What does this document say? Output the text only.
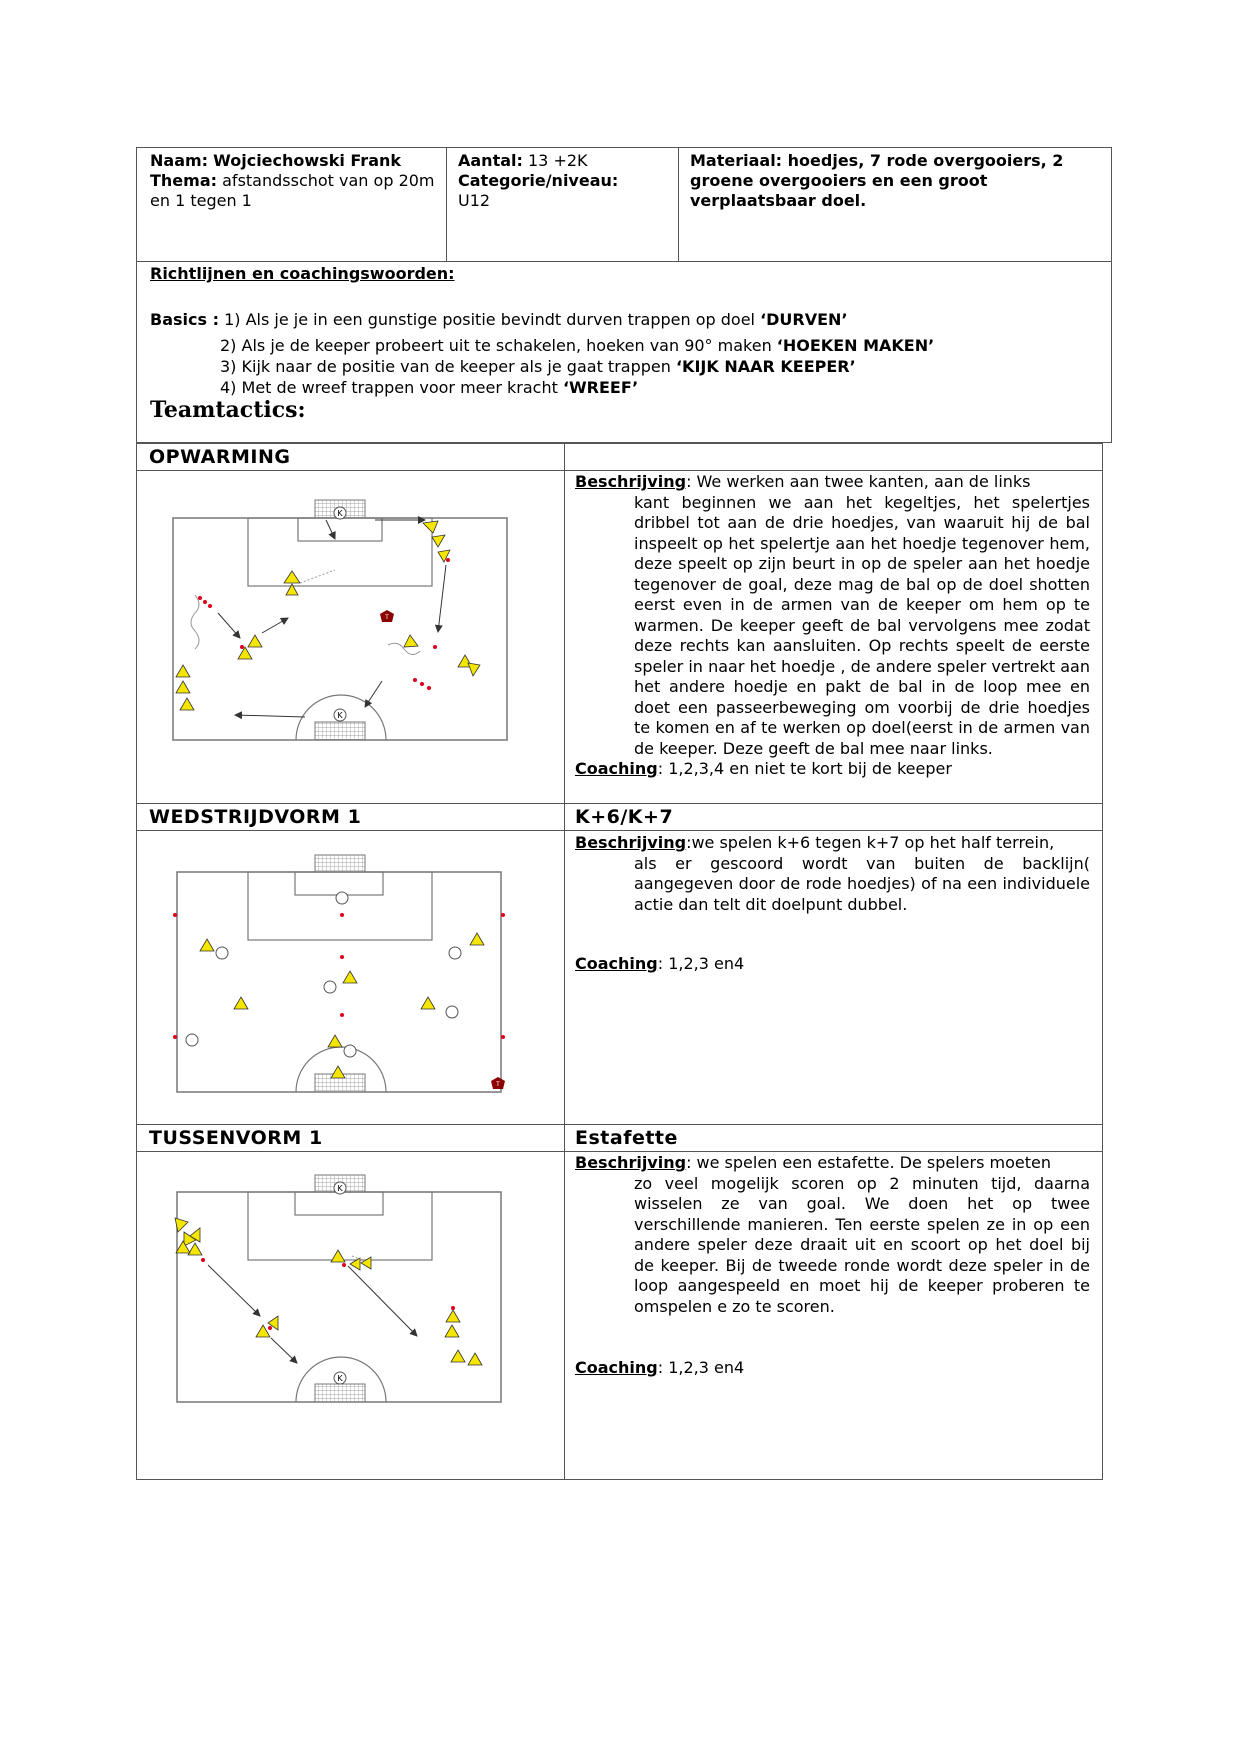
Naam: Wojciechowski Frank
Thema: afstandsschot van op 20m en 1 tegen 1
Aantal: 13 +2K
Categorie/niveau:
U12
Materiaal: hoedjes, 7 rode overgooiers, 2 groene overgooiers en een groot verplaatsbaar doel.
Richtlijnen en coachingswoorden:
Basics : 1) Als je je in een gunstige positie bevindt durven trappen op doel ‘DURVEN’
2) Als je de keeper probeert uit te schakelen, hoeken van 90° maken ‘HOEKEN MAKEN’
3) Kijk naar de positie van de keeper als je gaat trappen ‘KIJK NAAR KEEPER’
4) Met de wreef trappen voor meer kracht ‘WREEF’
Teamtactics:
OPWARMING
Beschrijving: We werken aan twee kanten, aan de links
kant beginnen we aan het kegeltjes, het spelertjes dribbel tot aan de drie hoedjes, van waaruit hij de bal inspeelt op het spelertje aan het hoedje tegenover hem, deze speelt op zijn beurt in op de speler aan het hoedje tegenover de goal, deze mag de bal op de doel shotten eerst even in de armen van de keeper om hem op te warmen. De keeper geeft de bal vervolgens mee zodat deze rechts kan aansluiten. Op rechts speelt de eerste speler in naar het hoedje , de andere speler vertrekt aan het andere hoedje en pakt de bal in de loop mee en doet een passeerbeweging om voorbij de drie hoedjes te komen en af te werken op doel(eerst in de armen van de keeper. Deze geeft de bal mee naar links.
Coaching: 1,2,3,4 en niet te kort bij de keeper
WEDSTRIJDVORM 1	K+6/K+7
Beschrijving:we spelen k+6 tegen k+7 op het half terrein,
als er gescoord wordt van buiten de backlijn( aangegeven door de rode hoedjes) of na een individuele actie dan telt dit doelpunt dubbel.
Coaching: 1,2,3 en4
TUSSENVORM 1	Estafette
Beschrijving: we spelen een estafette. De spelers moeten
zo veel mogelijk scoren op 2 minuten tijd, daarna wisselen ze van goal. We doen het op twee verschillende manieren. Ten eerste spelen ze in op een andere speler deze draait uit en scoort op het doel bij de keeper. Bij de tweede ronde wordt deze speler in de loop aangespeeld en moet hij de keeper proberen te omspelen e zo te scoren.
Coaching: 1,2,3 en4
K
K
T
T
K
K
